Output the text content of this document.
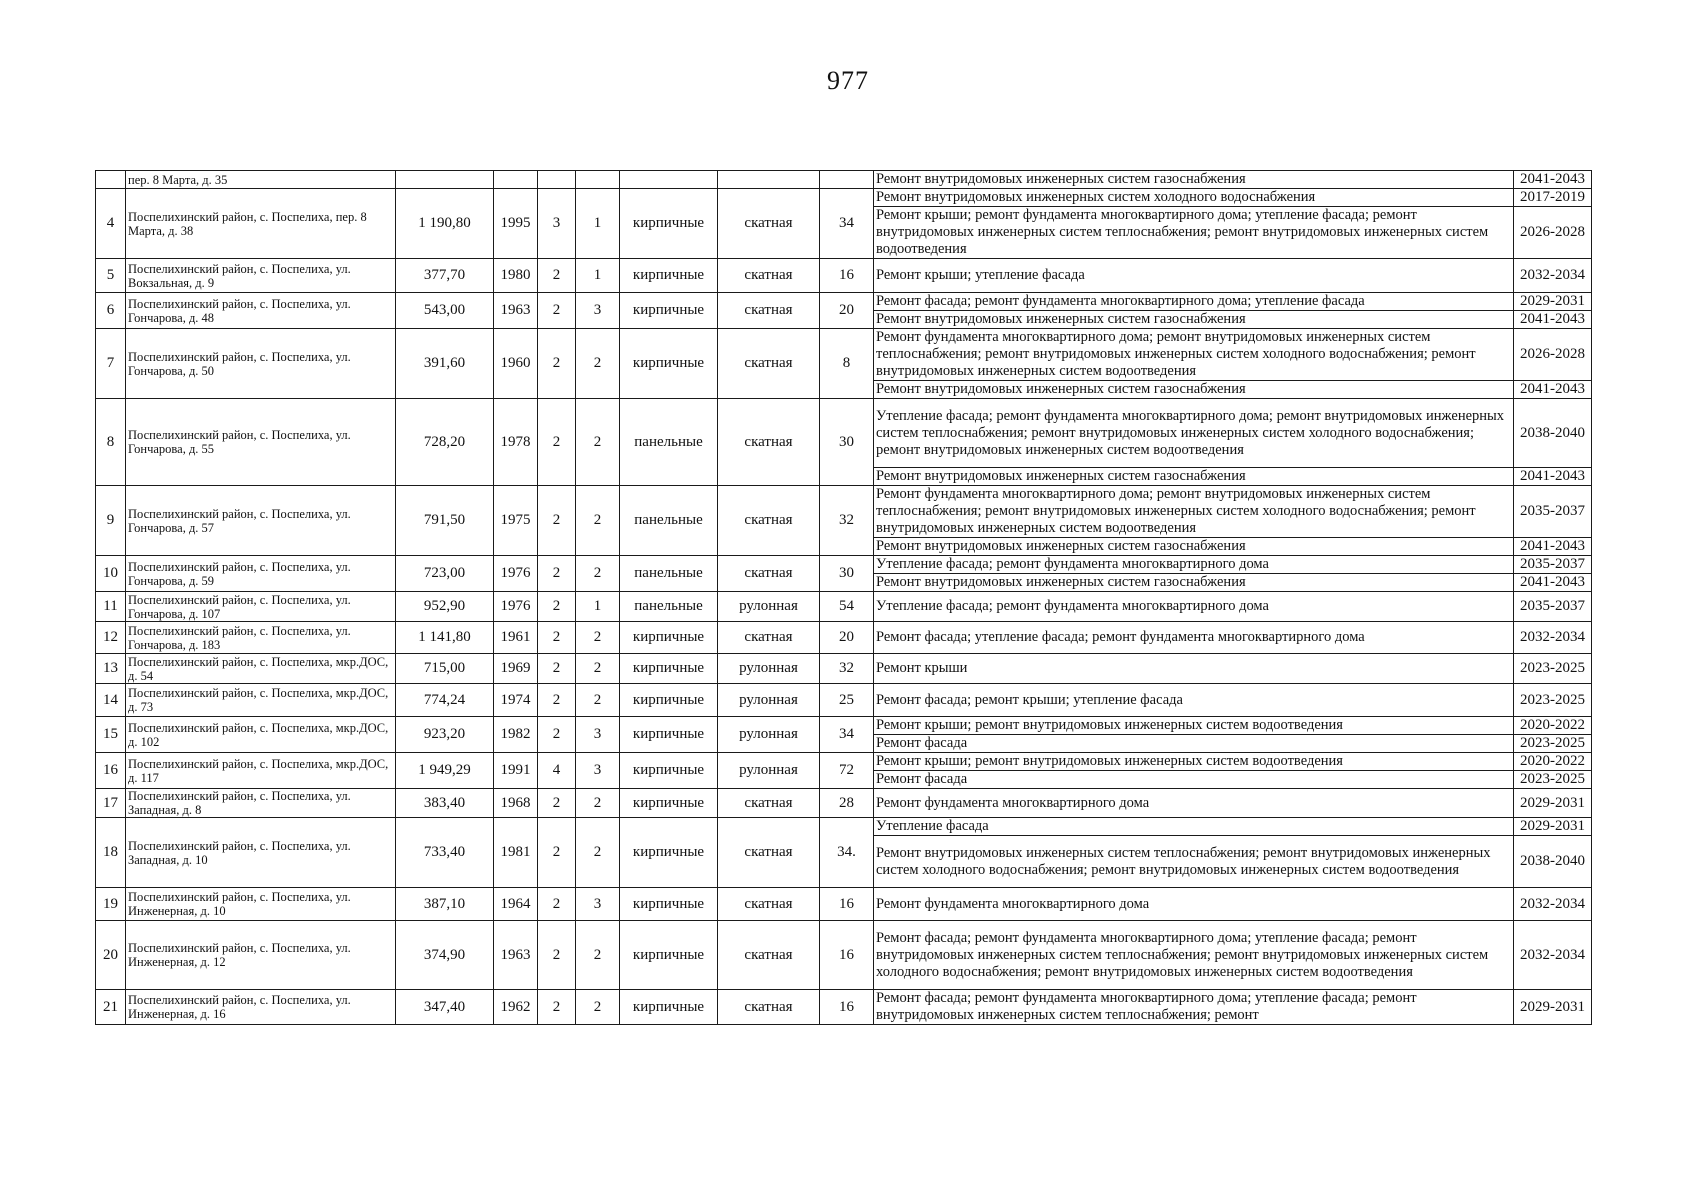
977
	пер. 8 Марта, д. 35								Ремонт внутридомовых инженерных систем газоснабжения	2041-2043
4	Поспелихинский район, с. Поспелиха, пер. 8 Марта, д. 38	1 190,80	1995	3	1	кирпичные	скатная	34	Ремонт внутридомовых инженерных систем холодного водоснабжения	2017-2019
									Ремонт крыши; ремонт фундамента многоквартирного дома; утепление фасада; ремонт внутридомовых инженерных систем теплоснабжения; ремонт внутридомовых инженерных систем водоотведения	2026-2028
5	Поспелихинский район, с. Поспелиха, ул. Вокзальная, д. 9	377,70	1980	2	1	кирпичные	скатная	16	Ремонт крыши; утепление фасада	2032-2034
6	Поспелихинский район, с. Поспелиха, ул. Гончарова, д. 48	543,00	1963	2	3	кирпичные	скатная	20	Ремонт фасада; ремонт фундамента многоквартирного дома; утепление фасада	2029-2031
									Ремонт внутридомовых инженерных систем газоснабжения	2041-2043
7	Поспелихинский район, с. Поспелиха, ул. Гончарова, д. 50	391,60	1960	2	2	кирпичные	скатная	8	Ремонт фундамента многоквартирного дома; ремонт внутридомовых инженерных систем теплоснабжения; ремонт внутридомовых инженерных систем холодного водоснабжения; ремонт внутридомовых инженерных систем водоотведения	2026-2028
									Ремонт внутридомовых инженерных систем газоснабжения	2041-2043
8	Поспелихинский район, с. Поспелиха, ул. Гончарова, д. 55	728,20	1978	2	2	панельные	скатная	30	Утепление фасада; ремонт фундамента многоквартирного дома; ремонт внутридомовых инженерных систем теплоснабжения; ремонт внутридомовых инженерных систем холодного водоснабжения; ремонт внутридомовых инженерных систем водоотведения	2038-2040
									Ремонт внутридомовых инженерных систем газоснабжения	2041-2043
9	Поспелихинский район, с. Поспелиха, ул. Гончарова, д. 57	791,50	1975	2	2	панельные	скатная	32	Ремонт фундамента многоквартирного дома; ремонт внутридомовых инженерных систем теплоснабжения; ремонт внутридомовых инженерных систем холодного водоснабжения; ремонт внутридомовых инженерных систем водоотведения	2035-2037
									Ремонт внутридомовых инженерных систем газоснабжения	2041-2043
10	Поспелихинский район, с. Поспелиха, ул. Гончарова, д. 59	723,00	1976	2	2	панельные	скатная	30	Утепление фасада; ремонт фундамента многоквартирного дома	2035-2037
									Ремонт внутридомовых инженерных систем газоснабжения	2041-2043
11	Поспелихинский район, с. Поспелиха, ул. Гончарова, д. 107	952,90	1976	2	1	панельные	рулонная	54	Утепление фасада; ремонт фундамента многоквартирного дома	2035-2037
12	Поспелихинский район, с. Поспелиха, ул. Гончарова, д. 183	1 141,80	1961	2	2	кирпичные	скатная	20	Ремонт фасада; утепление фасада; ремонт фундамента многоквартирного дома	2032-2034
13	Поспелихинский район, с. Поспелиха, мкр.ДОС, д. 54	715,00	1969	2	2	кирпичные	рулонная	32	Ремонт крыши	2023-2025
14	Поспелихинский район, с. Поспелиха, мкр.ДОС, д. 73	774,24	1974	2	2	кирпичные	рулонная	25	Ремонт фасада; ремонт крыши; утепление фасада	2023-2025
15	Поспелихинский район, с. Поспелиха, мкр.ДОС, д. 102	923,20	1982	2	3	кирпичные	рулонная	34	Ремонт крыши; ремонт внутридомовых инженерных систем водоотведения	2020-2022
									Ремонт фасада	2023-2025
16	Поспелихинский район, с. Поспелиха, мкр.ДОС, д. 117	1 949,29	1991	4	3	кирпичные	рулонная	72	Ремонт крыши; ремонт внутридомовых инженерных систем водоотведения	2020-2022
									Ремонт фасада	2023-2025
17	Поспелихинский район, с. Поспелиха, ул. Западная, д. 8	383,40	1968	2	2	кирпичные	скатная	28	Ремонт фундамента многоквартирного дома	2029-2031
18	Поспелихинский район, с. Поспелиха, ул. Западная, д. 10	733,40	1981	2	2	кирпичные	скатная	34.	Утепление фасада	2029-2031
									Ремонт внутридомовых инженерных систем теплоснабжения; ремонт внутридомовых инженерных систем холодного водоснабжения; ремонт внутридомовых инженерных систем водоотведения	2038-2040
19	Поспелихинский район, с. Поспелиха, ул. Инженерная, д. 10	387,10	1964	2	3	кирпичные	скатная	16	Ремонт фундамента многоквартирного дома	2032-2034
20	Поспелихинский район, с. Поспелиха, ул. Инженерная, д. 12	374,90	1963	2	2	кирпичные	скатная	16	Ремонт фасада; ремонт фундамента многоквартирного дома; утепление фасада; ремонт внутридомовых инженерных систем теплоснабжения; ремонт внутридомовых инженерных систем холодного водоснабжения; ремонт внутридомовых инженерных систем водоотведения	2032-2034
21	Поспелихинский район, с. Поспелиха, ул. Инженерная, д. 16	347,40	1962	2	2	кирпичные	скатная	16	Ремонт фасада; ремонт фундамента многоквартирного дома; утепление фасада; ремонт внутридомовых инженерных систем теплоснабжения; ремонт	2029-2031
